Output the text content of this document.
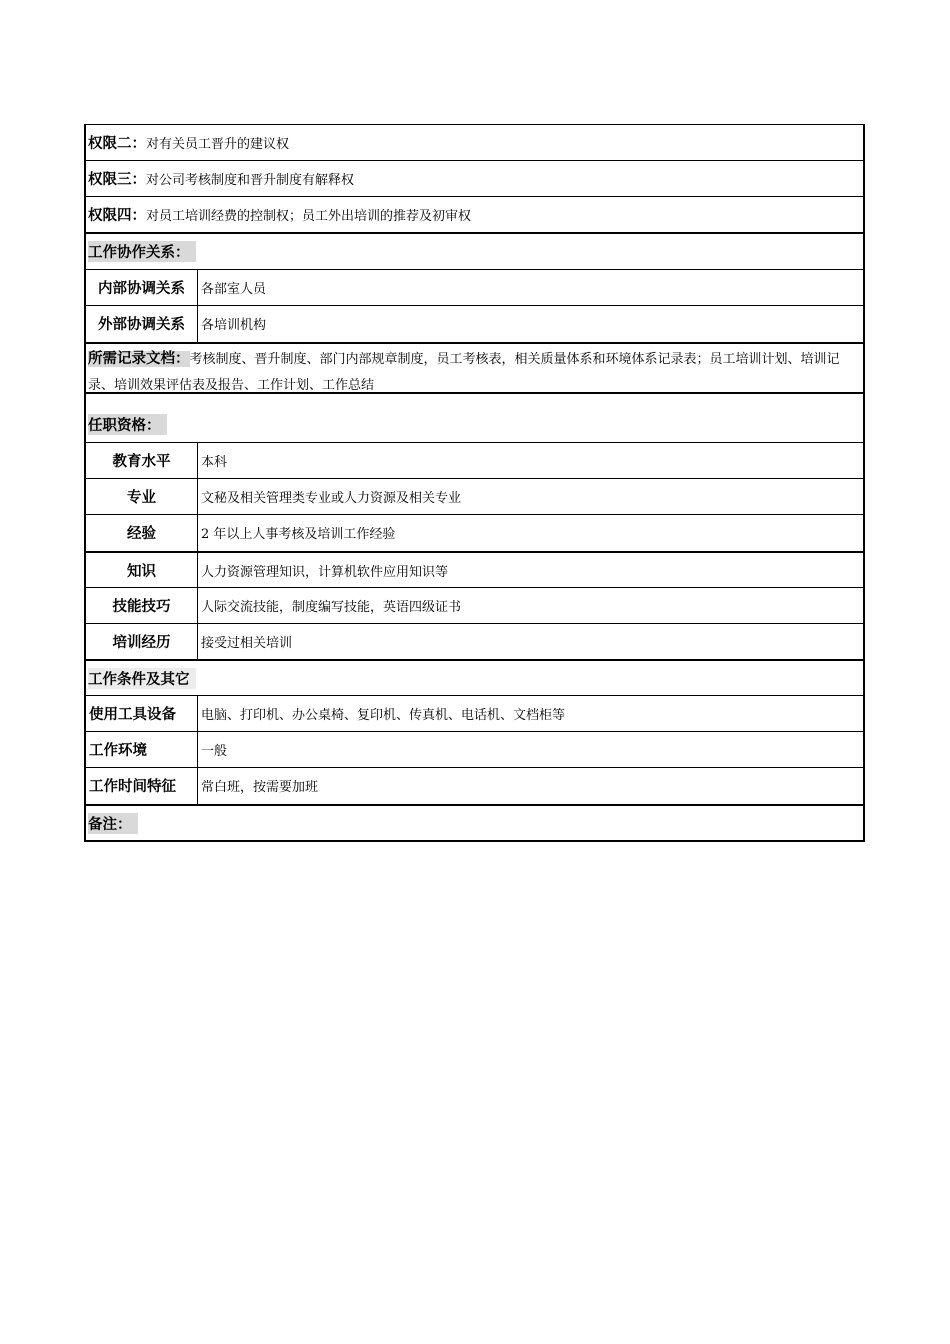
权限二： 对有关员工晋升的建议权
权限三： 对公司考核制度和晋升制度有解释权
权限四： 对员工培训经费的控制权；员工外出培训的推荐及初审权
工作协作关系：
内部协调关系	各部室人员
外部协调关系	各培训机构
所需记录文档：考核制度、晋升制度、部门内部规章制度，员工考核表，相关质量体系和环境体系记录表；员工培训计划、培训记录、培训效果评估表及报告、工作计划、工作总结
任职资格：
教育水平	本科
专业	文秘及相关管理类专业或人力资源及相关专业
经验	2 年以上人事考核及培训工作经验
知识	人力资源管理知识，计算机软件应用知识等
技能技巧	人际交流技能，制度编写技能，英语四级证书
培训经历	接受过相关培训
工作条件及其它
使用工具设备	电脑、打印机、办公桌椅、复印机、传真机、电话机、文档柜等
工作环境	一般
工作时间特征	常白班，按需要加班
备注：
